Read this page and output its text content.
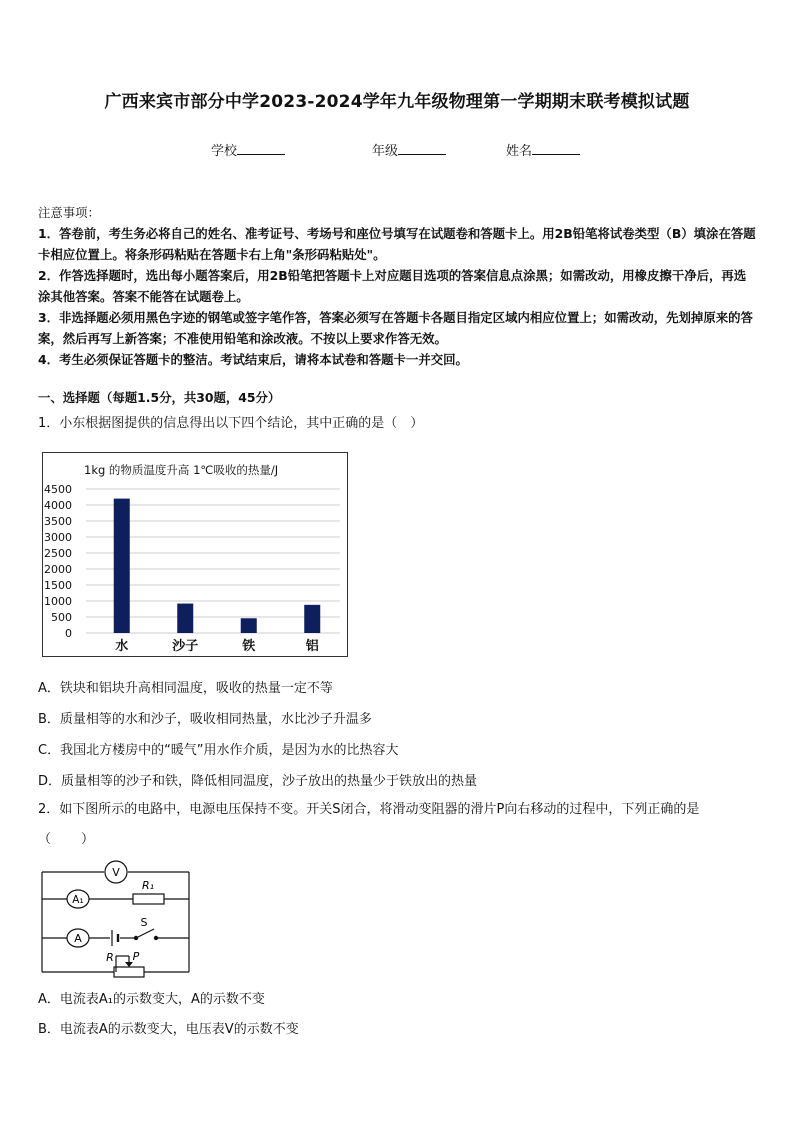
广西来宾市部分中学2023-2024学年九年级物理第一学期期末联考模拟试题
学校	年级	姓名

注意事项：

1．答卷前，考生务必将自己的姓名、准考证号、考场号和座位号填写在试题卷和答题卡上。用2B铅笔将试卷类型（B）填涂在答题卡相应位置上。将条形码粘贴在答题卡右上角"条形码粘贴处"。

2．作答选择题时，选出每小题答案后，用2B铅笔把答题卡上对应题目选项的答案信息点涂黑；如需改动，用橡皮擦干净后，再选涂其他答案。答案不能答在试题卷上。

3．非选择题必须用黑色字迹的钢笔或签字笔作答，答案必须写在答题卡各题目指定区域内相应位置上；如需改动，先划掉原来的答案，然后再写上新答案；不准使用铅笔和涂改液。不按以上要求作答无效。

4．考生必须保证答题卡的整洁。考试结束后，请将本试卷和答题卡一并交回。

一、选择题（每题1.5分，共30题，45分）
1．小东根据图提供的信息得出以下四个结论，其中正确的是（　）
1kg 的物质温度升高 1℃吸收的热量/J
0
500
1000
1500
2000
2500
3000
3500
4000
4500
水	沙子	铁	铝
A．铁块和铝块升高相同温度，吸收的热量一定不等
B．质量相等的水和沙子，吸收相同热量，水比沙子升温多
C．我国北方楼房中的“暖气”用水作介质，是因为水的比热容大
D．质量相等的沙子和铁，降低相同温度，沙子放出的热量少于铁放出的热量
2．如下图所示的电路中，电源电压保持不变。开关S闭合，将滑动变阻器的滑片P向右移动的过程中，下列正确的是
（ ）
V
A₁
R₁
A
S
R P
A．电流表A₁的示数变大，A的示数不变
B．电流表A的示数变大，电压表V的示数不变
